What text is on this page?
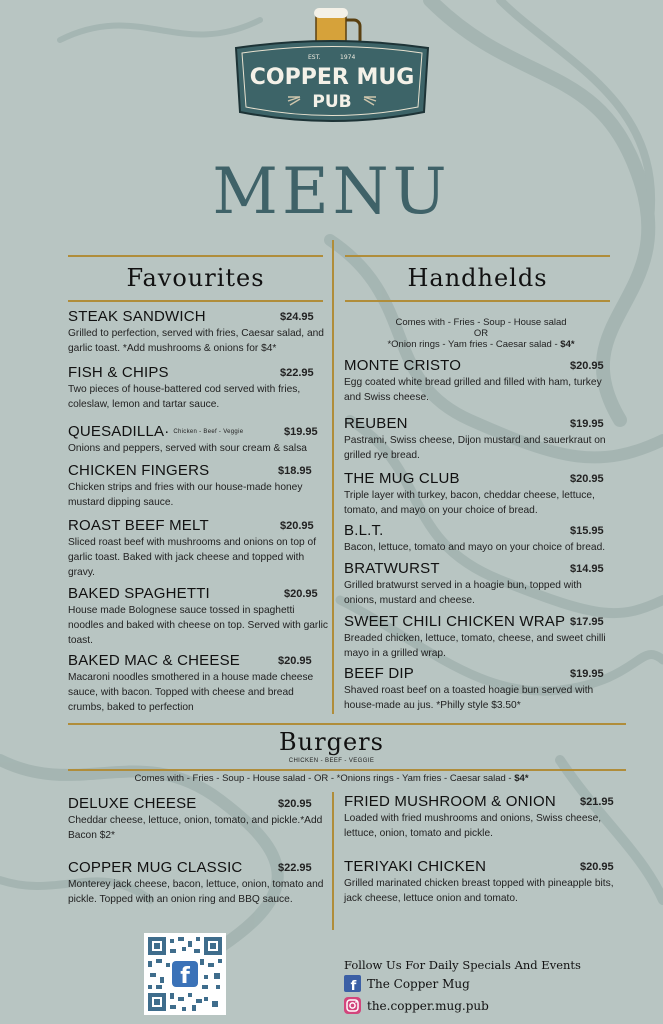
EST.	1974
COPPER MUG
PUB
MENU
Favourites
STEAK SANDWICH	$24.95
Grilled to perfection, served with fries, Caesar salad, and garlic toast. *Add mushrooms & onions for $4*
FISH & CHIPS	$22.95
Two pieces of house-battered cod served with fries, coleslaw, lemon and tartar sauce.
QUESADILLA· Chicken - Beef - Veggie	$19.95
Onions and peppers, served with sour cream & salsa
CHICKEN FINGERS	$18.95
Chicken strips and fries with our house-made honey mustard dipping sauce.
ROAST BEEF MELT	$20.95
Sliced roast beef with mushrooms and onions on top of garlic toast. Baked with jack cheese and topped with gravy.
BAKED SPAGHETTI	$20.95
House made Bolognese sauce tossed in spaghetti noodles and baked with cheese on top. Served with garlic toast.
BAKED MAC & CHEESE	$20.95
Macaroni noodles smothered in a house made cheese sauce, with bacon. Topped with cheese and bread crumbs, baked to perfection
Handhelds
Comes with - Fries - Soup - House salad
OR
*Onion rings - Yam fries - Caesar salad - $4*
MONTE CRISTO	$20.95
Egg coated white bread grilled and filled with ham, turkey and Swiss cheese.
REUBEN	$19.95
Pastrami, Swiss cheese, Dijon mustard and sauerkraut on grilled rye bread.
THE MUG CLUB	$20.95
Triple layer with turkey, bacon, cheddar cheese, lettuce, tomato, and mayo on your choice of bread.
B.L.T.	$15.95
Bacon, lettuce, tomato and mayo on your choice of bread.
BRATWURST	$14.95
Grilled bratwurst served in a hoagie bun, topped with onions, mustard and cheese.
SWEET CHILI CHICKEN WRAP $17.95
Breaded chicken, lettuce, tomato, cheese, and sweet chilli mayo in a grilled wrap.
BEEF DIP	$19.95
Shaved roast beef on a toasted hoagie bun served with house-made au jus. *Philly style $3.50*
Burgers
CHICKEN - BEEF - VEGGIE
Comes with - Fries - Soup - House salad - OR - *Onions rings - Yam fries - Caesar salad - $4*
DELUXE CHEESE	$20.95
Cheddar cheese, lettuce, onion, tomato, and pickle.*Add Bacon $2*
FRIED MUSHROOM & ONION	$21.95
Loaded with fried mushrooms and onions, Swiss cheese, lettuce, onion, tomato and pickle.
COPPER MUG CLASSIC	$22.95
Monterey jack cheese, bacon, lettuce, onion, tomato and pickle. Topped with an onion ring and BBQ sauce.
TERIYAKI CHICKEN	$20.95
Grilled marinated chicken breast topped with pineapple bits, jack cheese, lettuce onion and tomato.
f	Follow Us For Daily Specials And Events
f The Copper Mug
the.copper.mug.pub
